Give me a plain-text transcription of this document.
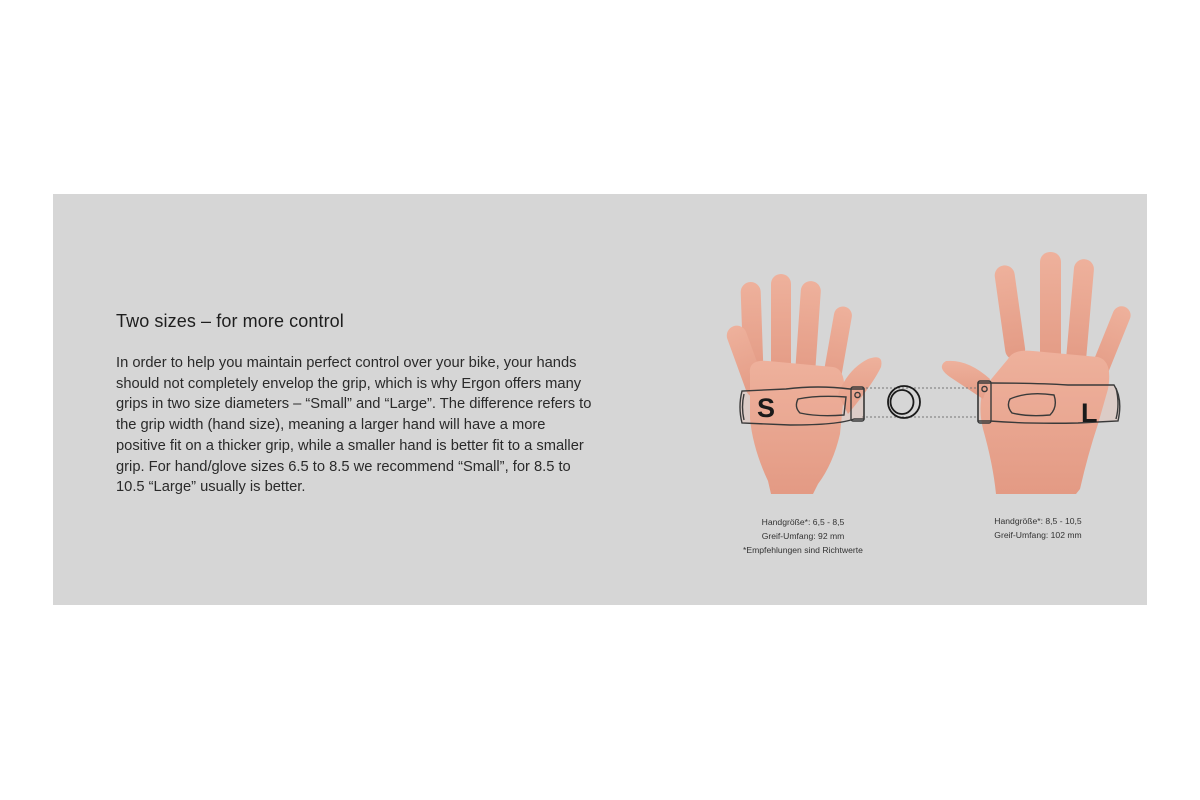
Two sizes – for more control
In order to help you maintain perfect control over your bike, your hands should not completely envelop the grip, which is why Ergon offers many grips in two size diameters – “Small” and “Large”. The difference refers to the grip width (hand size), meaning a larger hand will have a more positive fit on a thicker grip, while a smaller hand is better fit to a smaller grip. For hand/glove sizes 6.5 to 8.5 we recommend “Small”, for 8.5 to 10.5 “Large” usually is better.
S	L
Handgröße*: 6,5 - 8,5
Greif-Umfang: 92 mm
*Empfehlungen sind Richtwerte
Handgröße*: 8,5 - 10,5
Greif-Umfang: 102 mm
